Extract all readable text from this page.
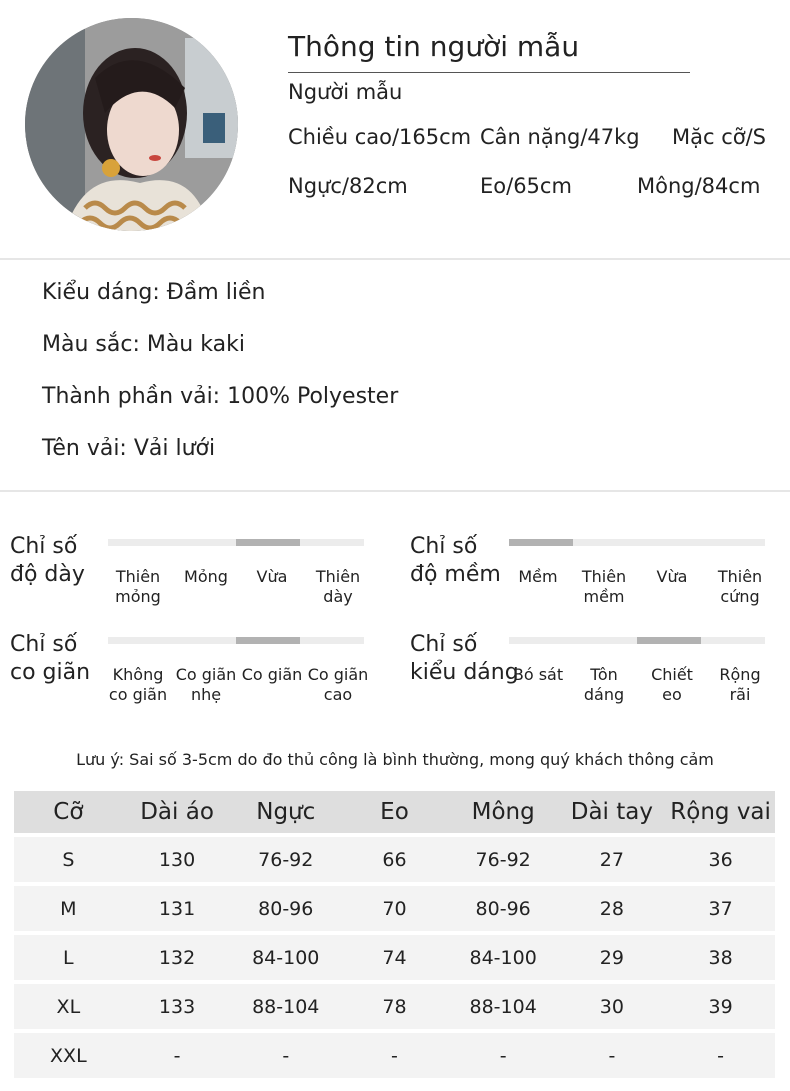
Thông tin người mẫu
Người mẫu
Chiều cao/165cm Cân nặng/47kg Mặc cỡ/S
Ngực/82cm	Eo/65cm	Mông/84cm
Kiểu dáng: Đầm liền
Màu sắc: Màu kaki
Thành phần vải: 100% Polyester
Tên vải: Vải lưới
Chỉ số
độ dày	Thiên
mỏng
Mỏng	Vừa	Thiên
dày
Chỉ số
độ mềm	Mềm	Thiên
mềm
Vừa	Thiên
cứng
Chỉ số
co giãn	Không
co giãn
Co giãn
nhẹ
Co giãn Co giãn
cao
Chỉ số
kiểu dáng
Bó sát	Tôn
dáng
Chiết
eo
Rộng
rãi
Lưu ý: Sai số 3-5cm do đo thủ công là bình thường, mong quý khách thông cảm
Cỡ	Dài áo	Ngực	Eo	Mông	Dài tay	Rộng vai
S	130	76-92	66	76-92	27	36
M	131	80-96	70	80-96	28	37
L	132	84-100	74	84-100	29	38
XL	133	88-104	78	88-104	30	39
XXL	-	-	-	-	-	-
